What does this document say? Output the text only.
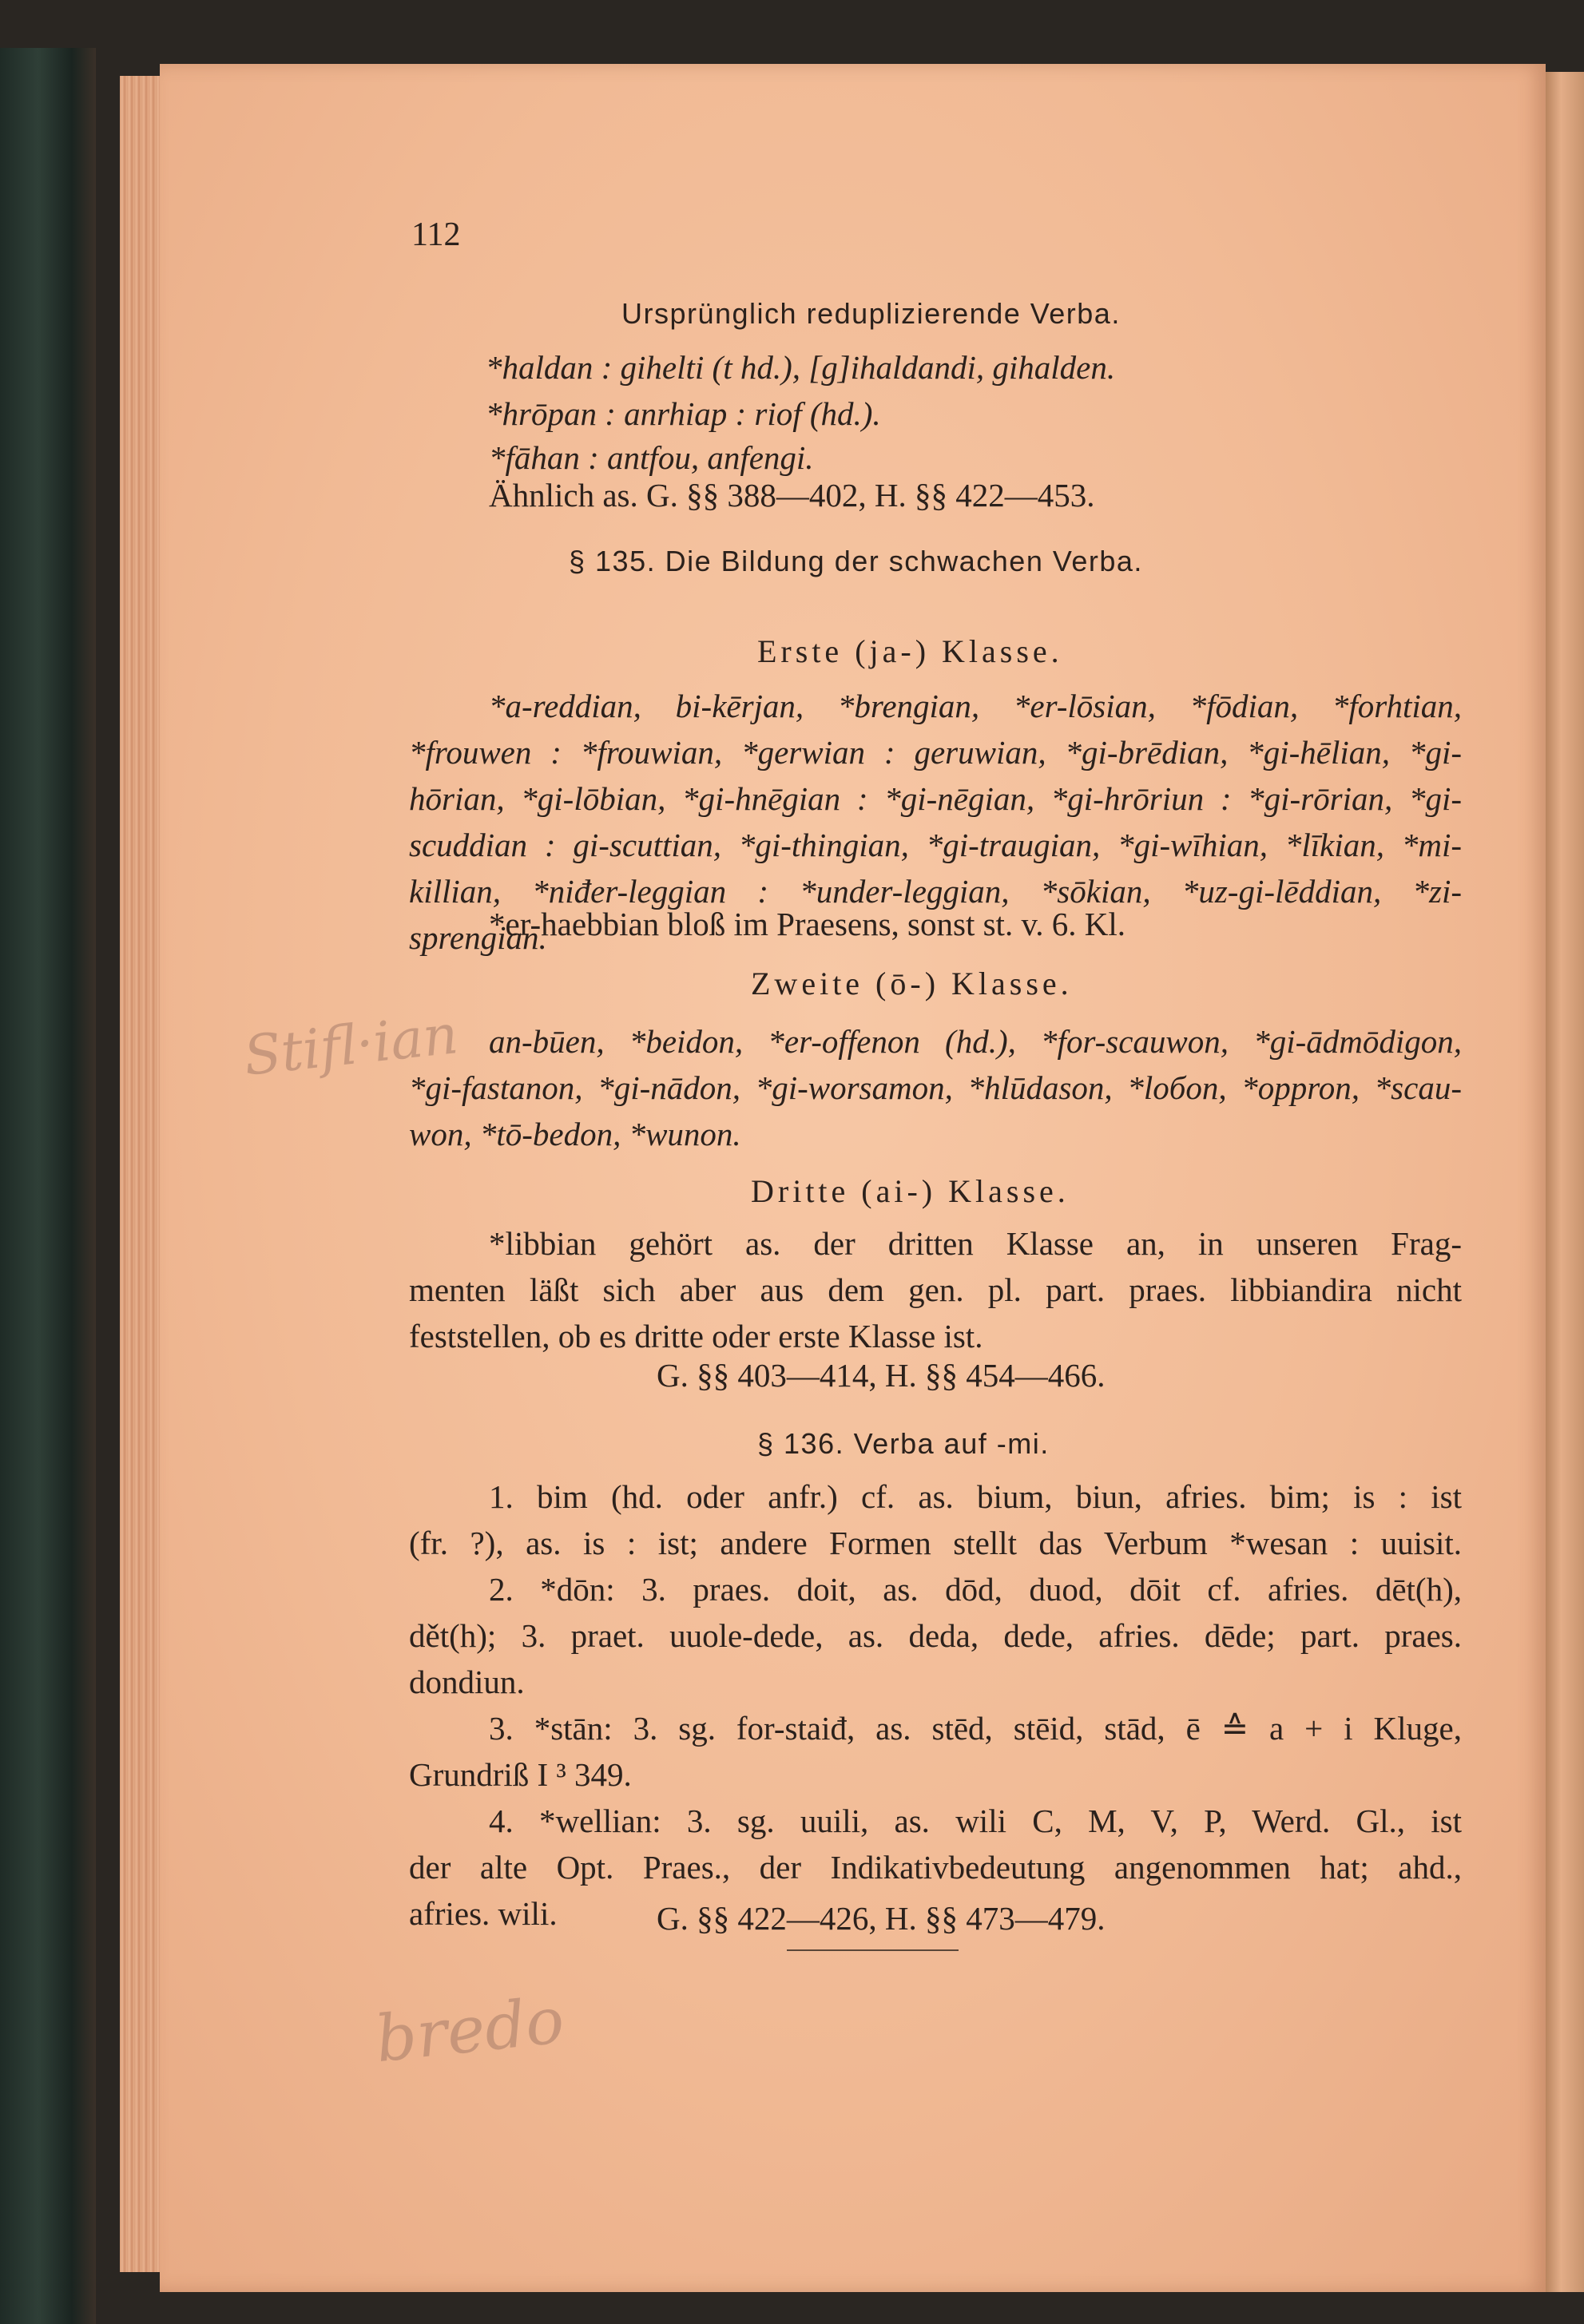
112
Ursprünglich reduplizierende Verba.
*haldan : gihelti (t hd.), [g]ihaldandi, gihalden.
*hrōpan : anrhiap : riof (hd.).
*fāhan : antfou, anfengi.
Ähnlich as. G. §§ 388—402, H. §§ 422—453.
§ 135. Die Bildung der schwachen Verba.
Erste (ja-) Klasse.
*a-reddian, bi-kērjan, *brengian, *er-lōsian, *fōdian, *forhtian,
*frouwen : *frouwian, *gerwian : geruwian, *gi-brēdian, *gi-hēlian, *gi-
hōrian, *gi-lōbian, *gi-hnēgian : *gi-nēgian, *gi-hrōriun : *gi-rōrian, *gi-
scuddian : gi-scuttian, *gi-thingian, *gi-traugian, *gi-wīhian, *līkian, *mi-
killian, *niđer-leggian : *under-leggian, *sōkian, *uz-gi-lēddian, *zi-
sprengian.
*er-haebbian bloß im Praesens, sonst st. v. 6. Kl.
Zweite (ō-) Klasse.
an-būen, *beidon, *er-offenon (hd.), *for-scauwon, *gi-ādmōdigon,
*gi-fastanon, *gi-nādon, *gi-worsamon, *hlūdason, *loбon, *oppron, *scau-
won, *tō-bedon, *wunon.
Dritte (ai-) Klasse.
*libbian gehört as. der dritten Klasse an, in unseren Frag-
menten läßt sich aber aus dem gen. pl. part. praes. libbiandira nicht
feststellen, ob es dritte oder erste Klasse ist.
G. §§ 403—414, H. §§ 454—466.
§ 136. Verba auf -mi.
1. bim (hd. oder anfr.) cf. as. bium, biun, afries. bim; is : ist
(fr. ?), as. is : ist; andere Formen stellt das Verbum *wesan : uuisit.
2. *dōn: 3. praes. doit, as. dōd, duod, dōit cf. afries. dēt(h),
dět(h); 3. praet. uuole-dede, as. deda, dede, afries. dēde; part. praes.
dondiun.
3. *stān: 3. sg. for-staiđ, as. stēd, stēid, stād, ē ≙ a + i Kluge,
Grundriß I ³ 349.
4. *wellian: 3. sg. uuili, as. wili C, M, V, P, Werd. Gl., ist
der alte Opt. Praes., der Indikativbedeutung angenommen hat; ahd.,
afries. wili.	G. §§ 422—426, H. §§ 473—479.
Stifl·ian
bredo
